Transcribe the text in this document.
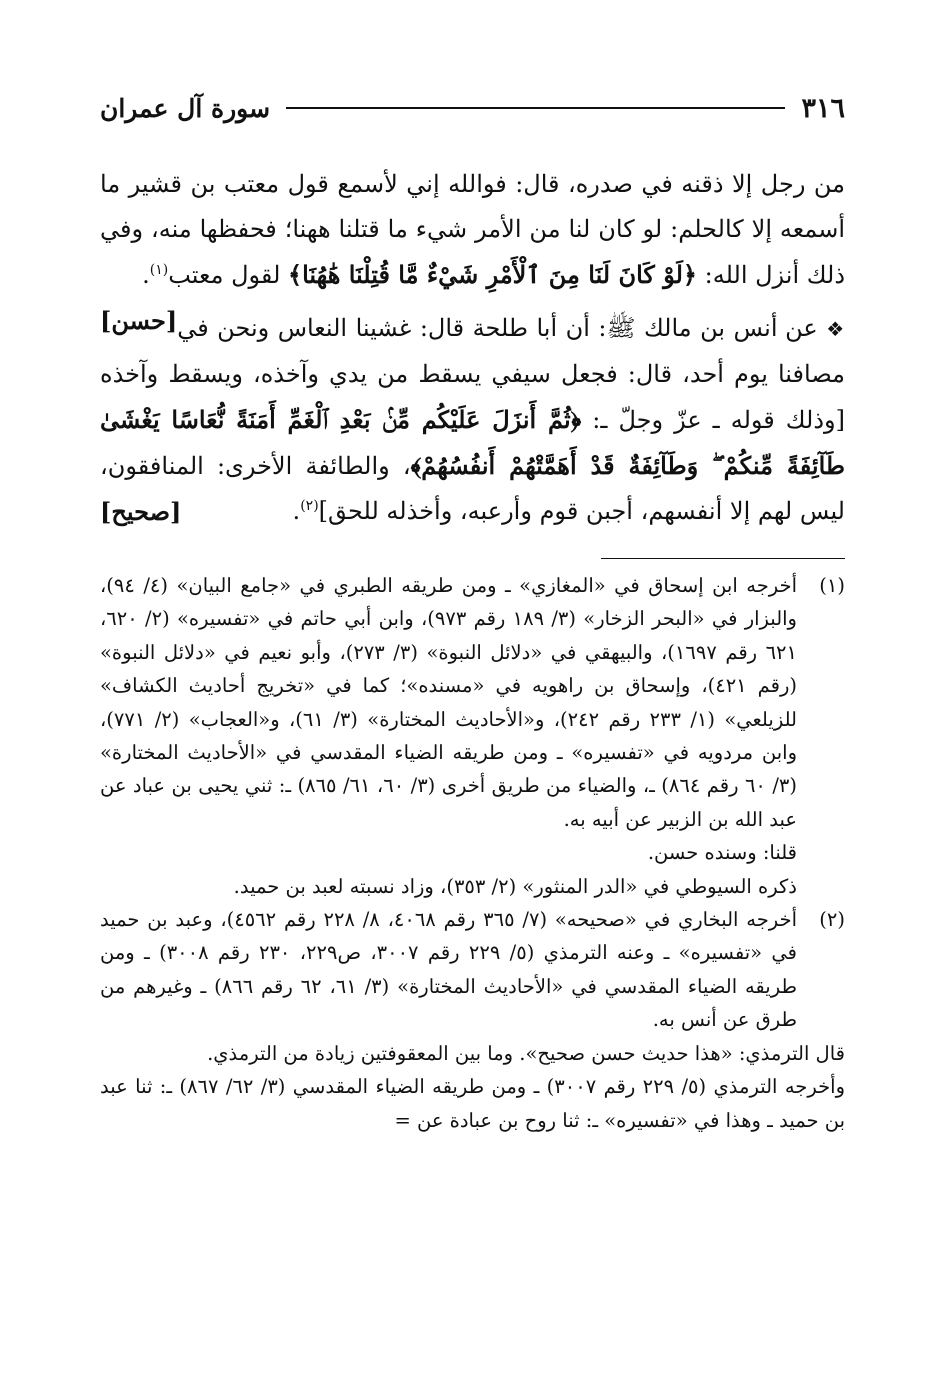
٣١٦
سورة آل عمران

من رجل إلا ذقنه في صدره، قال: فوالله إني لأسمع قول معتب بن قشير ما أسمعه إلا كالحلم: لو كان لنا من الأمر شيء ما قتلنا ههنا؛ فحفظها منه، وفي ذلك أنزل الله: ﴿لَوْ كَانَ لَنَا مِنَ ٱلْأَمْرِ شَيْءٌ مَّا قُتِلْنَا هَٰهُنَا﴾ لقول معتب$^{(١)}$.
[حسن]	❖ عن أنس بن مالك ﷺ: أن أبا طلحة قال: غشينا النعاس ونحن في مصافنا يوم أحد، قال: فجعل سيفي يسقط من يدي وآخذه، ويسقط وآخذه [وذلك قوله ـ عزّ وجلّ ـ: ﴿ثُمَّ أَنزَلَ عَلَيْكُم مِّنۢ بَعْدِ ٱلْغَمِّ أَمَنَةً نُّعَاسًا يَغْشَىٰ طَآئِفَةً مِّنكُمْ ۖ وَطَآئِفَةٌ قَدْ أَهَمَّتْهُمْ أَنفُسُهُمْ﴾، والطائفة الأخرى: المنافقون، ليس لهم إلا أنفسهم، أجبن قوم وأرعبه، وأخذله للحق]$^{(٢)}$.
[صحيح]

(١)

أخرجه ابن إسحاق في «المغازي» ـ ومن طريقه الطبري في «جامع البيان» (٤/ ٩٤)، والبزار في «البحر الزخار» (٣/ ١٨٩ رقم ٩٧٣)، وابن أبي حاتم في «تفسيره» (٢/ ٦٢٠، ٦٢١ رقم ١٦٩٧)، والبيهقي في «دلائل النبوة» (٣/ ٢٧٣)، وأبو نعيم في «دلائل النبوة» (رقم ٤٢١)، وإسحاق بن راهويه في «مسنده»؛ كما في «تخريج أحاديث الكشاف» للزيلعي» (١/ ٢٣٣ رقم ٢٤٢)، و«الأحاديث المختارة» (٣/ ٦١)، و«العجاب» (٢/ ٧٧١)، وابن مردويه في «تفسيره» ـ ومن طريقه الضياء المقدسي في «الأحاديث المختارة» (٣/ ٦٠ رقم ٨٦٤) ـ، والضياء من طريق أخرى (٣/ ٦٠، ٦١/ ٨٦٥) ـ: ثني يحيى بن عباد عن عبد الله بن الزبير عن أبيه به.

قلنا: وسنده حسن.

ذكره السيوطي في «الدر المنثور» (٢/ ٣٥٣)، وزاد نسبته لعبد بن حميد.

(٢)

أخرجه البخاري في «صحيحه» (٧/ ٣٦٥ رقم ٤٠٦٨، ٨/ ٢٢٨ رقم ٤٥٦٢)، وعبد بن حميد في «تفسيره» ـ وعنه الترمذي (٥/ ٢٢٩ رقم ٣٠٠٧، ص٢٢٩، ٢٣٠ رقم ٣٠٠٨) ـ ومن طريقه الضياء المقدسي في «الأحاديث المختارة» (٣/ ٦١، ٦٢ رقم ٨٦٦) ـ وغيرهم من طرق عن أنس به.

قال الترمذي: «هذا حديث حسن صحيح». وما بين المعقوفتين زيادة من الترمذي.

وأخرجه الترمذي (٥/ ٢٢٩ رقم ٣٠٠٧) ـ ومن طريقه الضياء المقدسي (٣/ ٦٢/ ٨٦٧) ـ: ثنا عبد بن حميد ـ وهذا في «تفسيره» ـ: ثنا روح بن عبادة عن =
